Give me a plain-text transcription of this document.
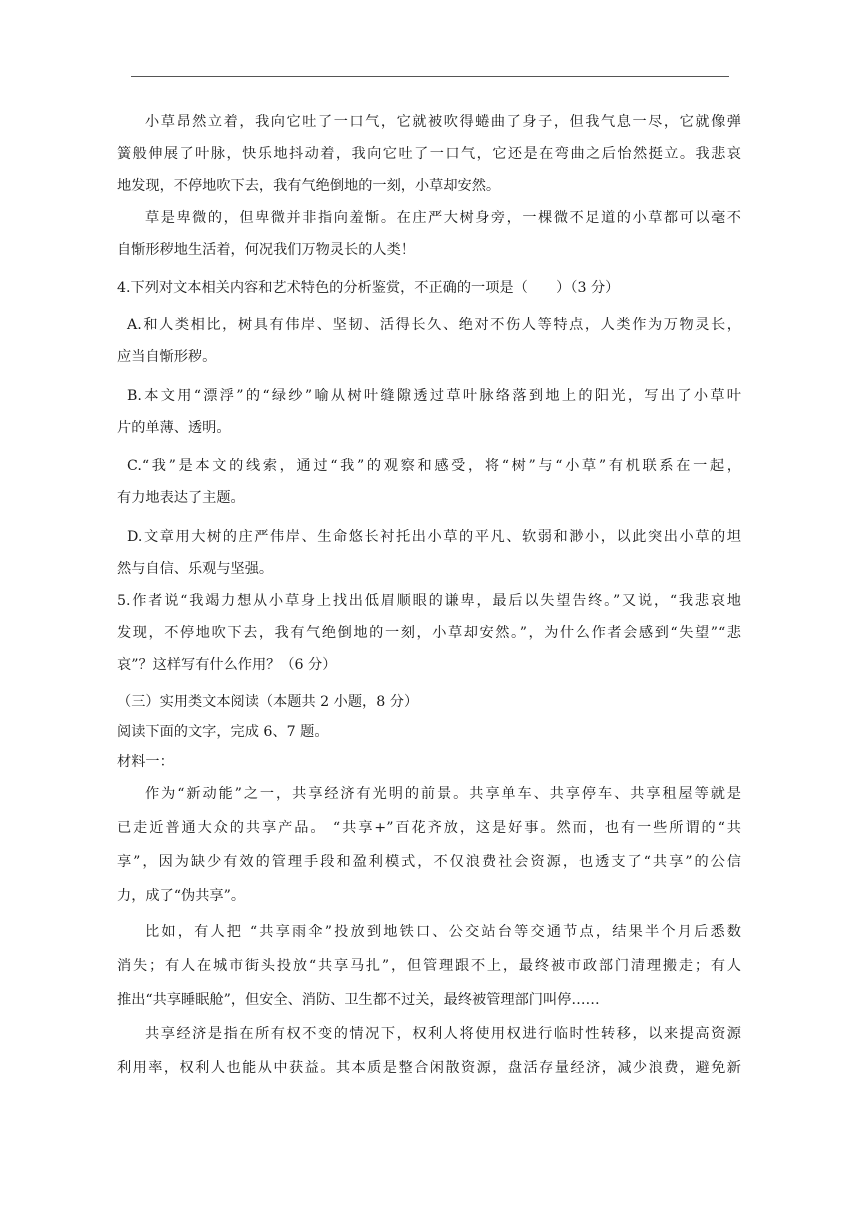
小草昂然立着，我向它吐了一口气，它就被吹得蜷曲了身子，但我气息一尽，它就像弹
簧般伸展了叶脉，快乐地抖动着，我向它吐了一口气，它还是在弯曲之后怡然挺立。我悲哀
地发现，不停地吹下去，我有气绝倒地的一刻，小草却安然。
草是卑微的，但卑微并非指向羞惭。在庄严大树身旁，一棵微不足道的小草都可以毫不
自惭形秽地生活着，何况我们万物灵长的人类！
4.下列对文本相关内容和艺术特色的分析鉴赏，不正确的一项是（　　）（3 分）
A.和人类相比，树具有伟岸、坚韧、活得长久、绝对不伤人等特点，人类作为万物灵长，
应当自惭形秽。
B.本文用“漂浮”的“绿纱”喻从树叶缝隙透过草叶脉络落到地上的阳光，写出了小草叶
片的单薄、透明。
C.“我”是本文的线索，通过“我”的观察和感受，将“树”与“小草”有机联系在一起，
有力地表达了主题。
D.文章用大树的庄严伟岸、生命悠长衬托出小草的平凡、软弱和渺小，以此突出小草的坦
然与自信、乐观与坚强。
5.作者说“我竭力想从小草身上找出低眉顺眼的谦卑，最后以失望告终。”又说，“我悲哀地
发现，不停地吹下去，我有气绝倒地的一刻，小草却安然。”，为什么作者会感到“失望”“悲
哀”？这样写有什么作用？（6 分）
（三）实用类文本阅读（本题共 2 小题，8 分）
阅读下面的文字，完成 6、7 题。
材料一：
作为“新动能”之一，共享经济有光明的前景。共享单车、共享停车、共享租屋等就是
已走近普通大众的共享产品。 “共享+”百花齐放，这是好事。然而，也有一些所谓的“共
享”，因为缺少有效的管理手段和盈利模式，不仅浪费社会资源，也透支了“共享”的公信
力，成了“伪共享”。
比如，有人把 “共享雨伞”投放到地铁口、公交站台等交通节点，结果半个月后悉数
消失；有人在城市街头投放“共享马扎”，但管理跟不上，最终被市政部门清理搬走；有人
推出“共享睡眠舱”，但安全、消防、卫生都不过关，最终被管理部门叫停……
共享经济是指在所有权不变的情况下，权利人将使用权进行临时性转移，以来提高资源
利用率，权利人也能从中获益。其本质是整合闲散资源，盘活存量经济，减少浪费，避免新
